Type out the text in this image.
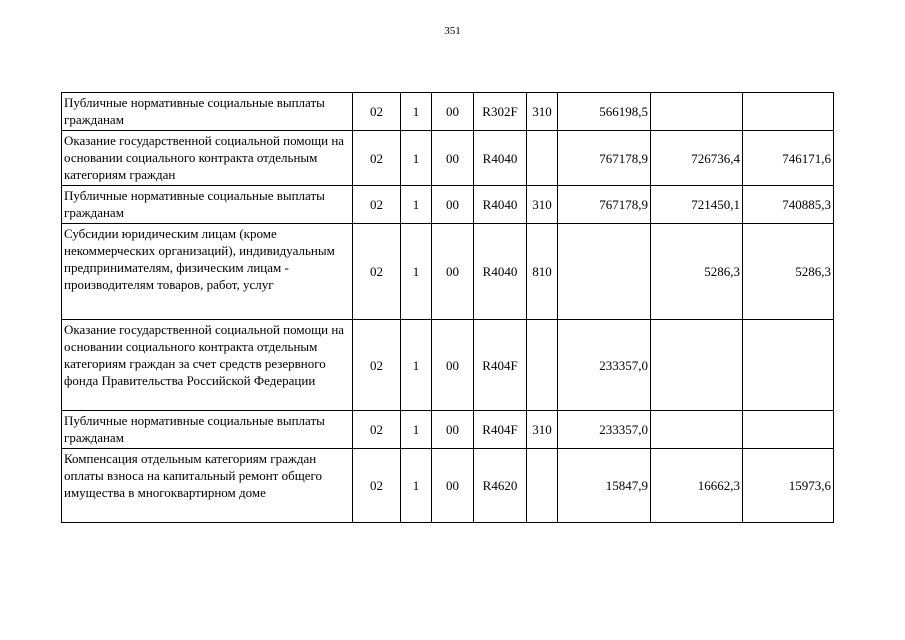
351
Публичные нормативные социальные выплаты гражданам	02	1	00	R302F	310	566198,5		
Оказание государственной социальной помощи на основании социального контракта отдельным категориям граждан	02	1	00	R4040		767178,9	726736,4	746171,6
Публичные нормативные социальные выплаты гражданам	02	1	00	R4040	310	767178,9	721450,1	740885,3
Субсидии юридическим лицам (кроме некоммерческих организаций), индивидуальным предпринимателям, физическим лицам - производителям товаров, работ, услуг	02	1	00	R4040	810		5286,3	5286,3
Оказание государственной социальной помощи на основании социального контракта отдельным категориям граждан за счет средств резервного фонда Правительства Российской Федерации	02	1	00	R404F		233357,0		
Публичные нормативные социальные выплаты гражданам	02	1	00	R404F	310	233357,0		
Компенсация отдельным категориям граждан оплаты взноса на капитальный ремонт общего имущества в многоквартирном доме	02	1	00	R4620		15847,9	16662,3	15973,6
